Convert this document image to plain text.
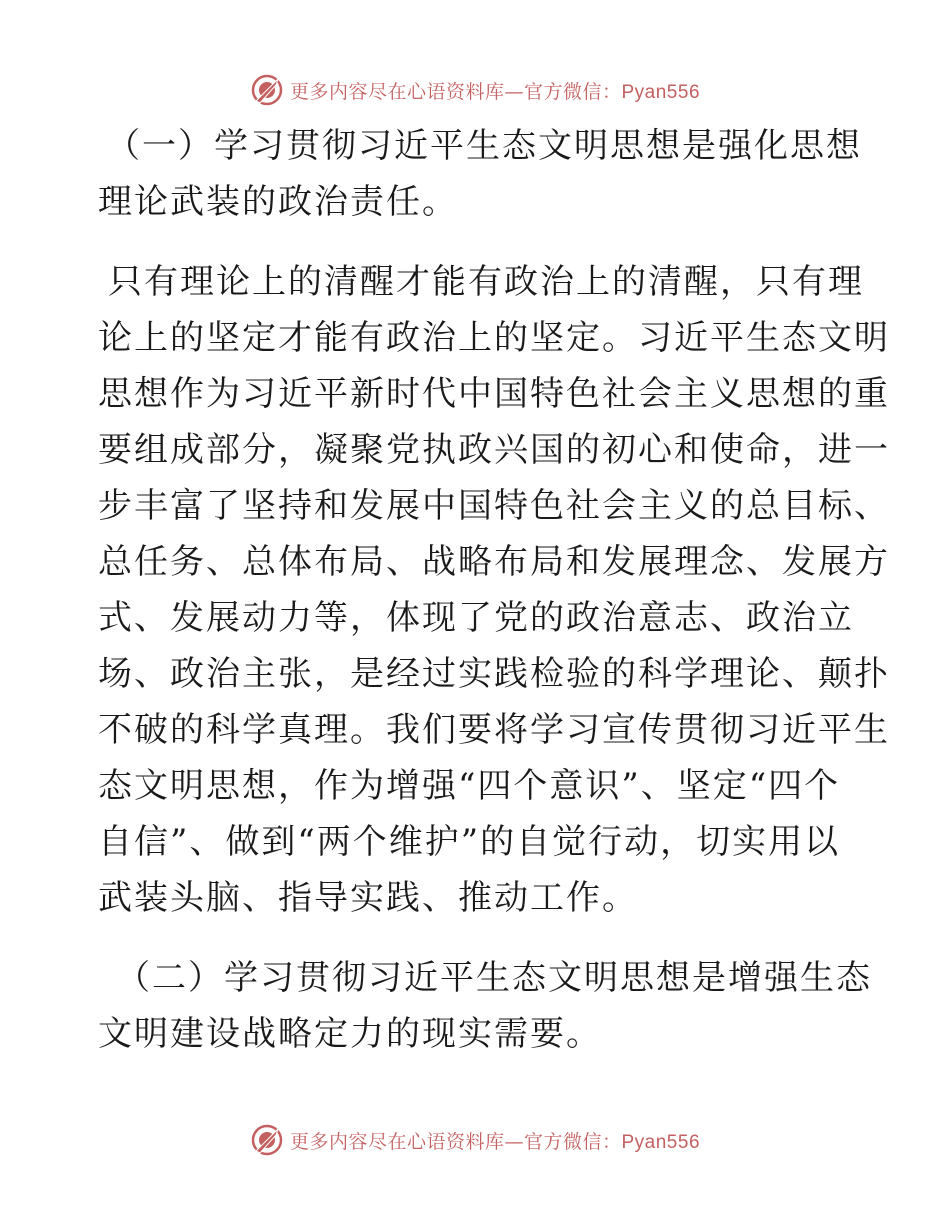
更多内容尽在心语资料库—官方微信：Pyan556
（一）学习贯彻习近平生态文明思想是强化思想
理论武装的政治责任。
只有理论上的清醒才能有政治上的清醒，只有理
论上的坚定才能有政治上的坚定。习近平生态文明
思想作为习近平新时代中国特色社会主义思想的重
要组成部分，凝聚党执政兴国的初心和使命，进一
步丰富了坚持和发展中国特色社会主义的总目标、
总任务、总体布局、战略布局和发展理念、发展方
式、发展动力等，体现了党的政治意志、政治立
场、政治主张，是经过实践检验的科学理论、颠扑
不破的科学真理。我们要将学习宣传贯彻习近平生
态文明思想，作为增强“四个意识”、坚定“四个
自信”、做到“两个维护”的自觉行动，切实用以
武装头脑、指导实践、推动工作。
（二）学习贯彻习近平生态文明思想是增强生态
文明建设战略定力的现实需要。
更多内容尽在心语资料库—官方微信：Pyan556
